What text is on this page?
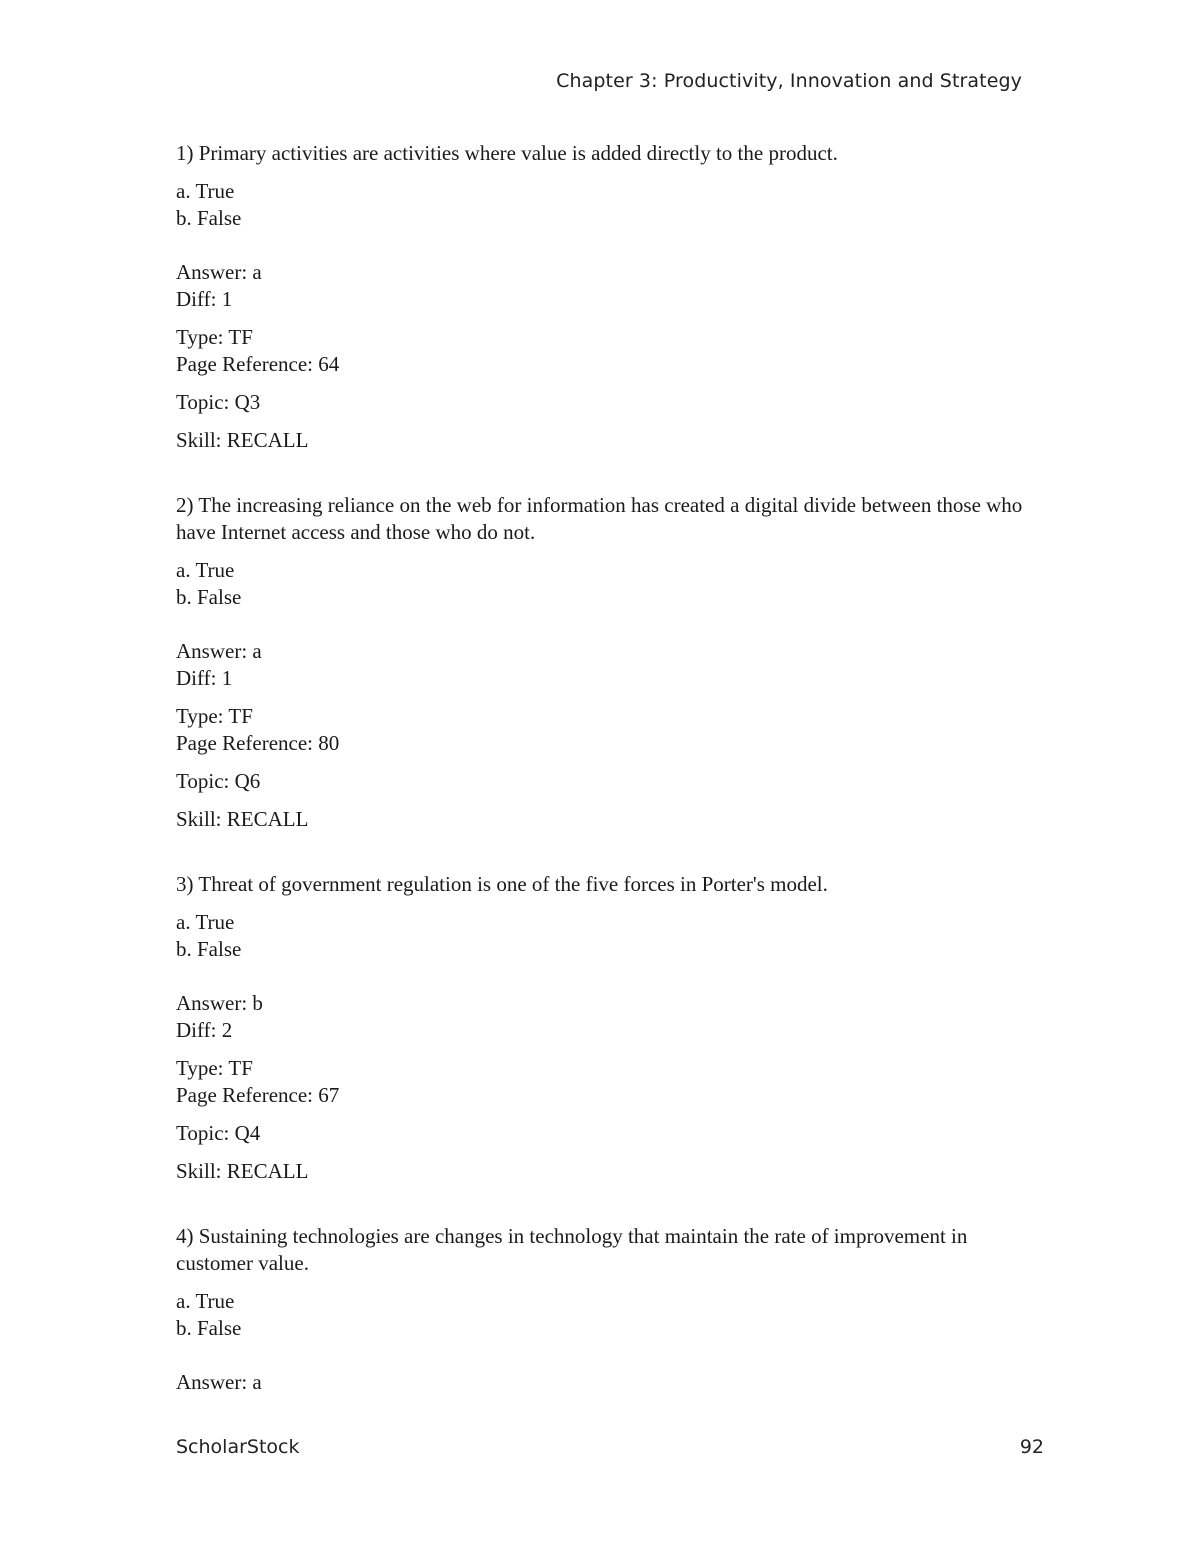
Chapter 3: Productivity, Innovation and Strategy

1) Primary activities are activities where value is added directly to the product.

a. True

b. False

Answer: a

Diff: 1

Type: TF

Page Reference: 64

Topic: Q3

Skill: RECALL

2) The increasing reliance on the web for information has created a digital divide between those who have Internet access and those who do not.

a. True

b. False

Answer: a

Diff: 1

Type: TF

Page Reference: 80

Topic: Q6

Skill: RECALL

3) Threat of government regulation is one of the five forces in Porter's model.

a. True

b. False

Answer: b

Diff: 2

Type: TF

Page Reference: 67

Topic: Q4

Skill: RECALL

4) Sustaining technologies are changes in technology that maintain the rate of improvement in customer value.

a. True

b. False

Answer: a

ScholarStock	92
